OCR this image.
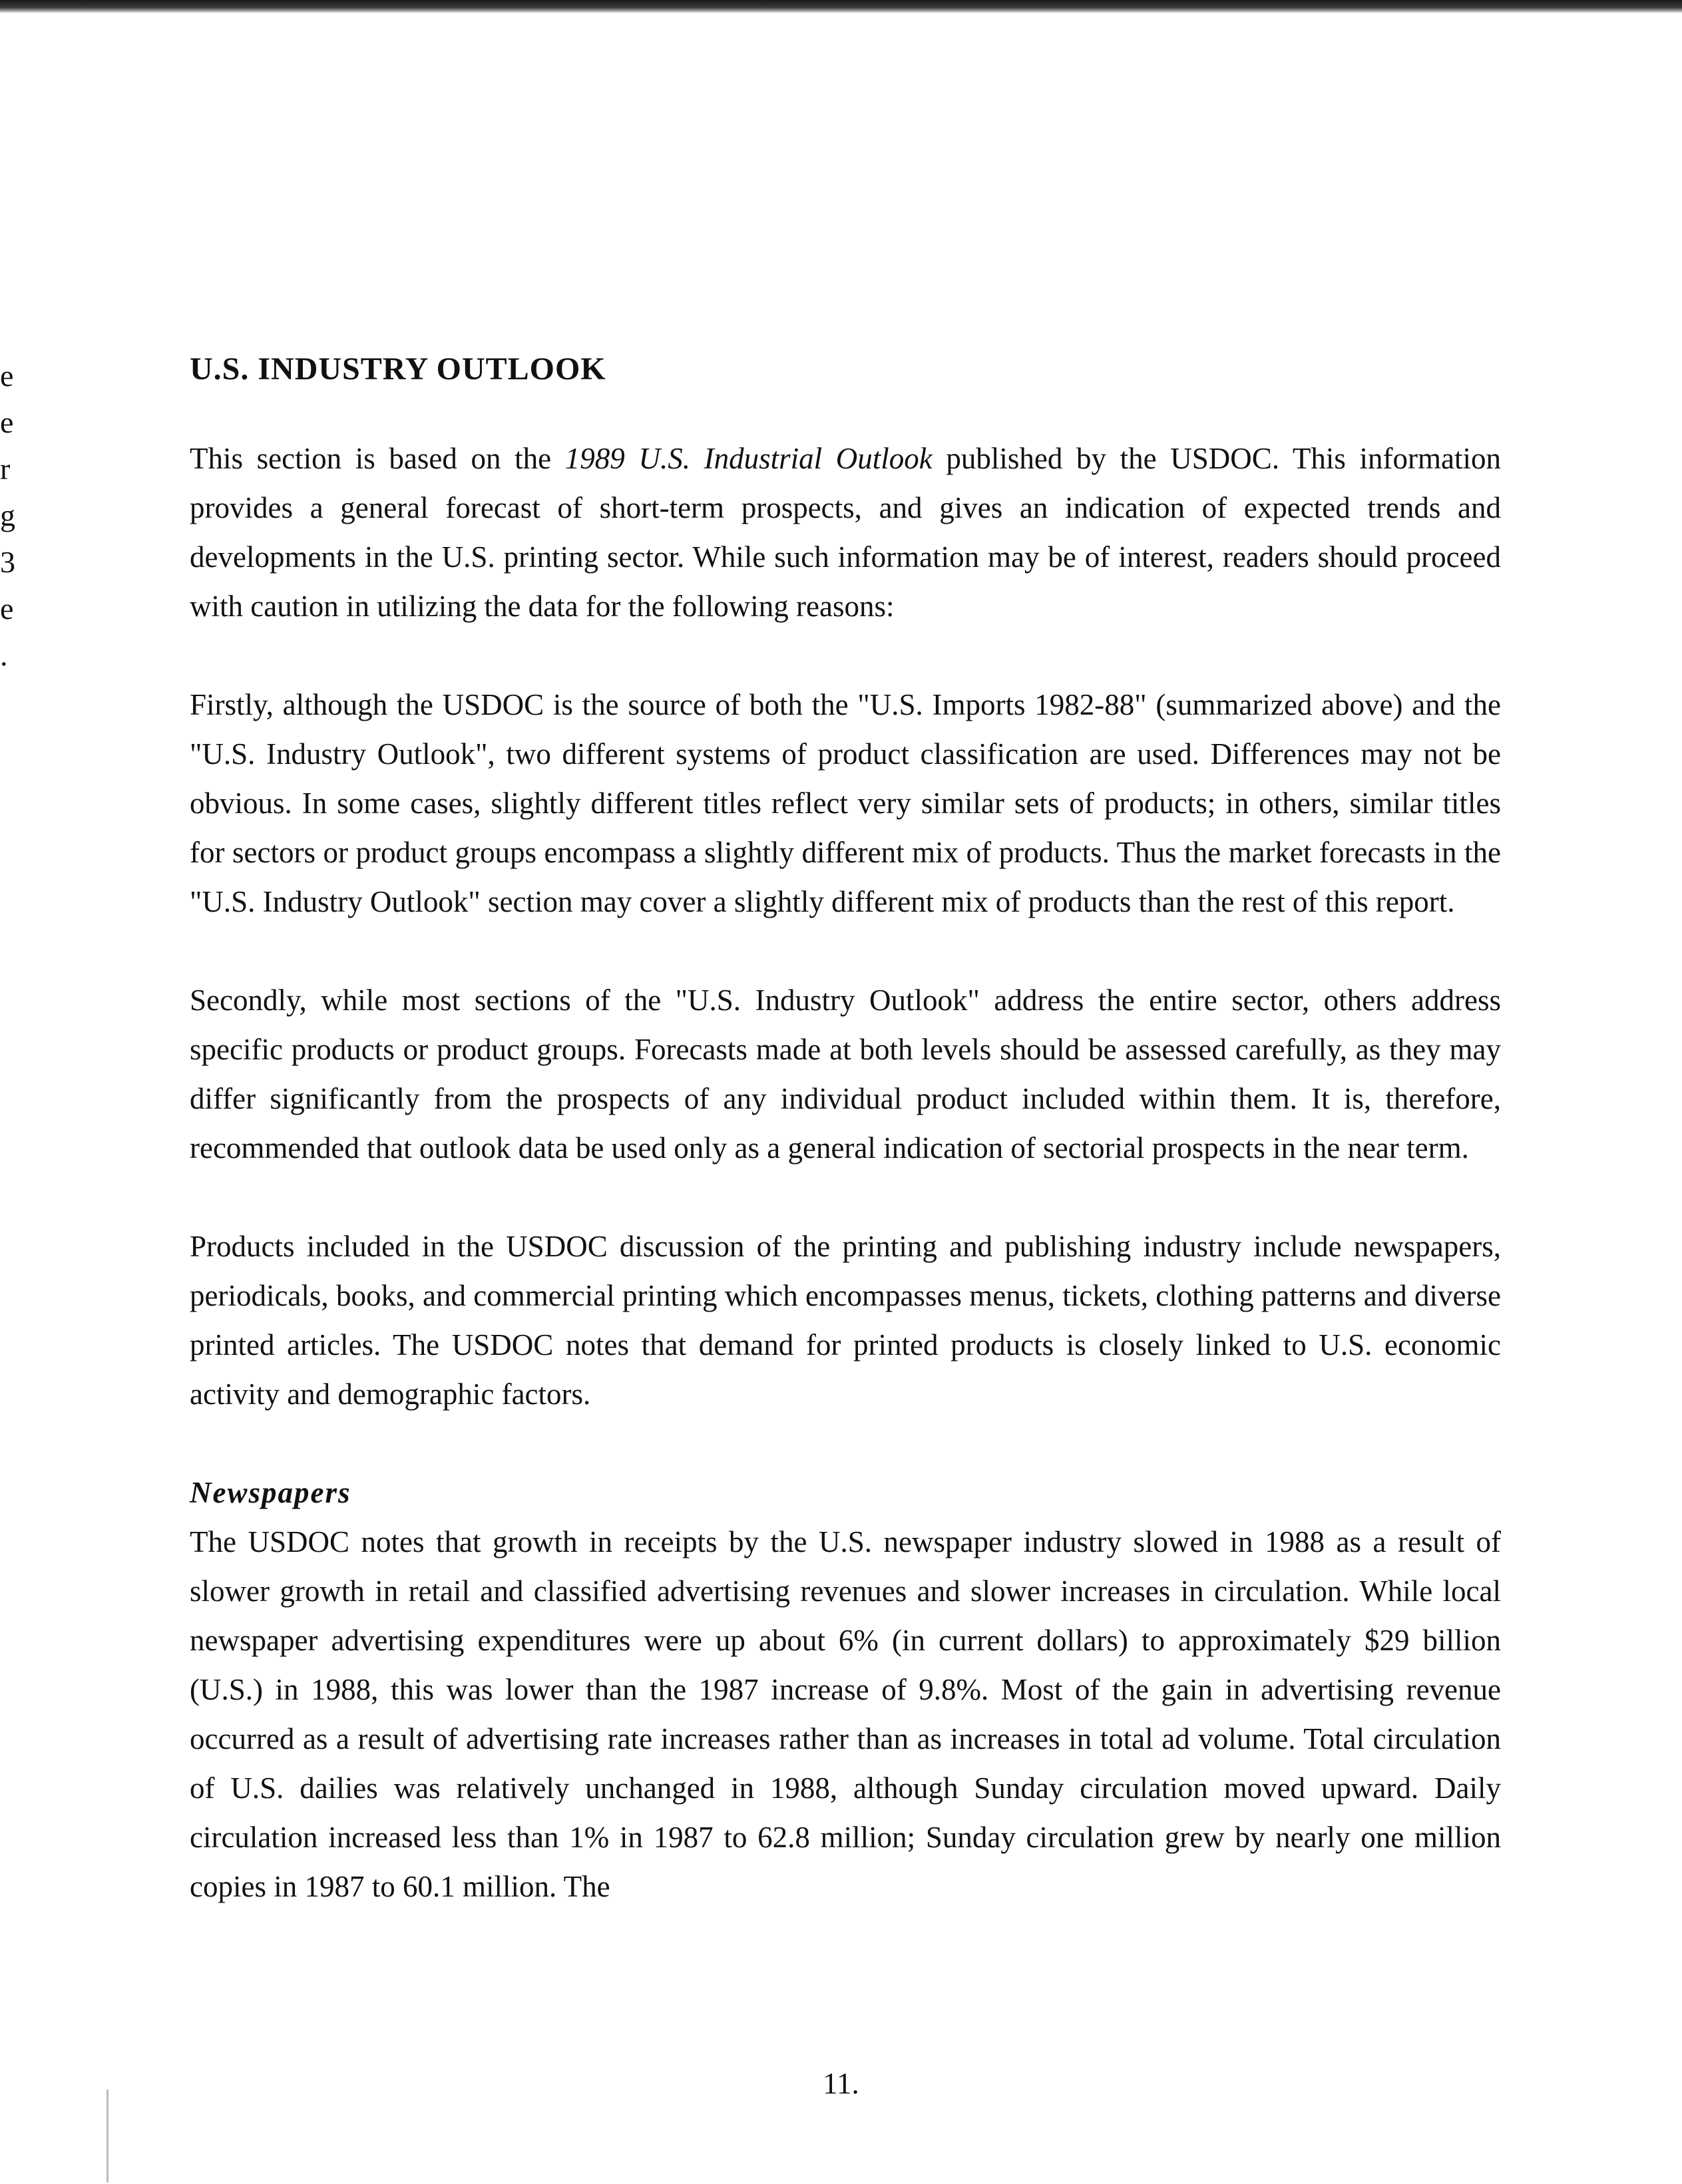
e
e
r
g
3
e
.
U.S. INDUSTRY OUTLOOK

This section is based on the 1989 U.S. Industrial Outlook published by the USDOC. This information provides a general forecast of short-term prospects, and gives an indication of expected trends and developments in the U.S. printing sector. While such information may be of interest, readers should proceed with caution in utilizing the data for the following reasons:

Firstly, although the USDOC is the source of both the "U.S. Imports 1982-88" (summarized above) and the "U.S. Industry Outlook", two different systems of product classification are used. Differences may not be obvious. In some cases, slightly different titles reflect very similar sets of products; in others, similar titles for sectors or product groups encompass a slightly different mix of products. Thus the market forecasts in the "U.S. Industry Outlook" section may cover a slightly different mix of products than the rest of this report.

Secondly, while most sections of the "U.S. Industry Outlook" address the entire sector, others address specific products or product groups. Forecasts made at both levels should be assessed carefully, as they may differ significantly from the prospects of any individual product included within them. It is, therefore, recommended that outlook data be used only as a general indication of sectorial prospects in the near term.

Products included in the USDOC discussion of the printing and publishing industry include newspapers, periodicals, books, and commercial printing which encompasses menus, tickets, clothing patterns and diverse printed articles. The USDOC notes that demand for printed products is closely linked to U.S. economic activity and demographic factors.

Newspapers

The USDOC notes that growth in receipts by the U.S. newspaper industry slowed in 1988 as a result of slower growth in retail and classified advertising revenues and slower increases in circulation. While local newspaper advertising expenditures were up about 6% (in current dollars) to approximately $29 billion (U.S.) in 1988, this was lower than the 1987 increase of 9.8%. Most of the gain in advertising revenue occurred as a result of advertising rate increases rather than as increases in total ad volume. Total circulation of U.S. dailies was relatively unchanged in 1988, although Sunday circulation moved upward. Daily circulation increased less than 1% in 1987 to 62.8 million; Sunday circulation grew by nearly one million copies in 1987 to 60.1 million. The

11.
